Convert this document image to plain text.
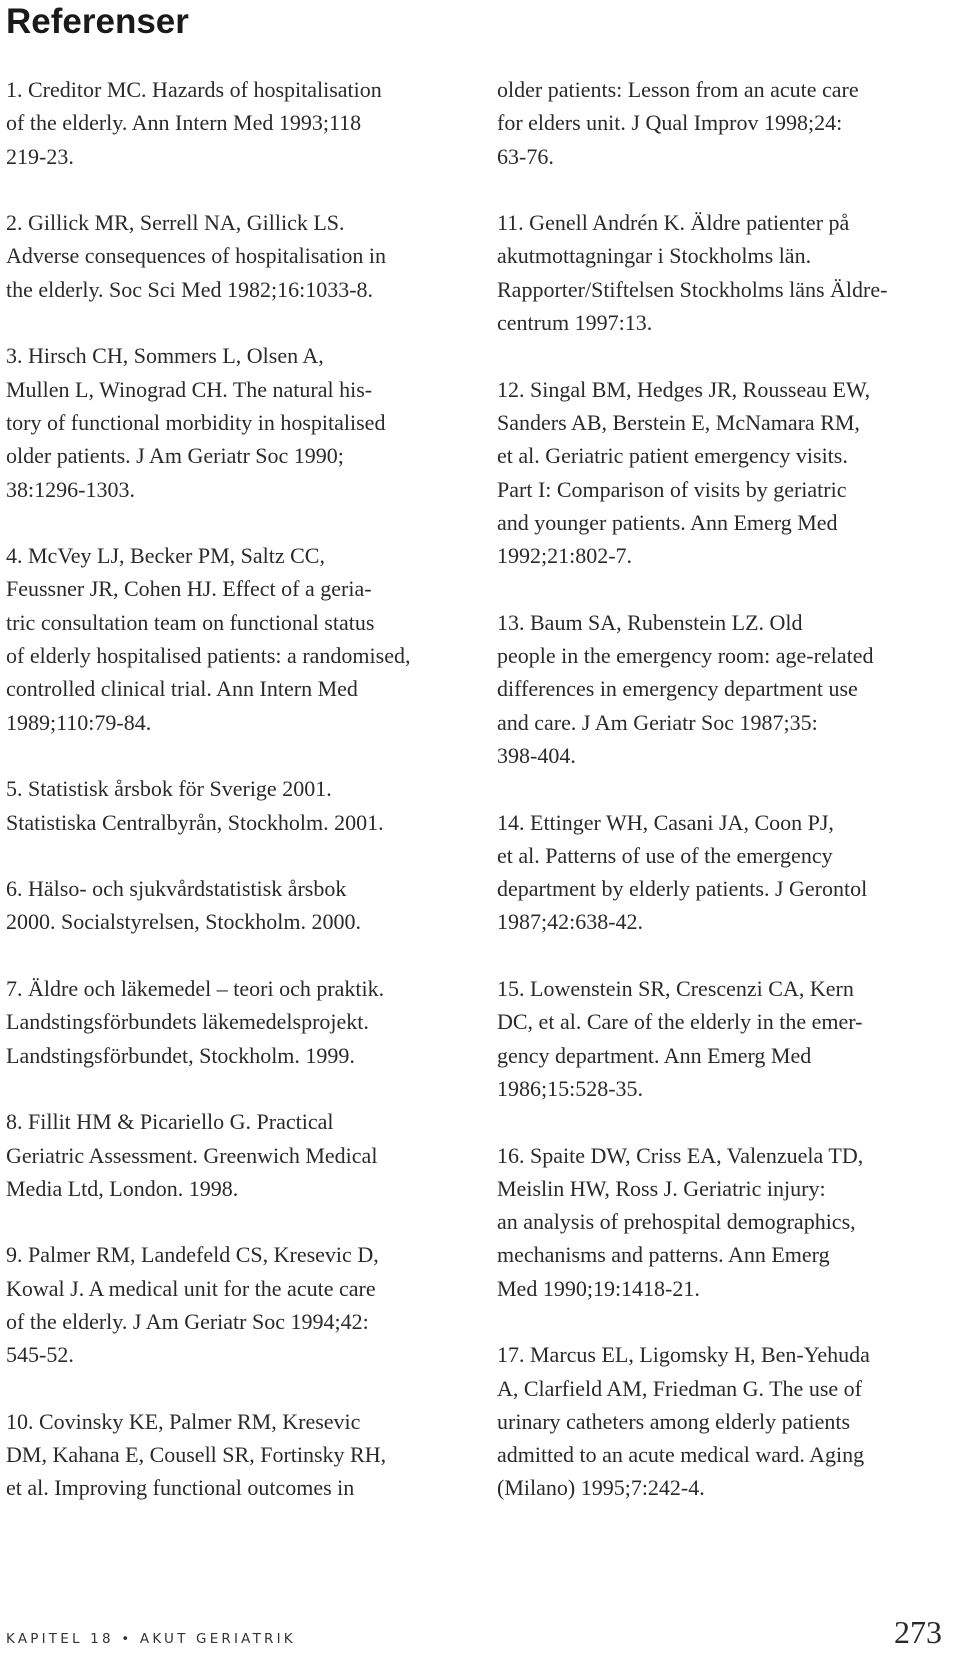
Referenser
1. Creditor MC. Hazards of hospitalisation
of the elderly. Ann Intern Med 1993;118
219-23.
2. Gillick MR, Serrell NA, Gillick LS.
Adverse consequences of hospitalisation in
the elderly. Soc Sci Med 1982;16:1033-8.
3. Hirsch CH, Sommers L, Olsen A,
Mullen L, Winograd CH. The natural his-
tory of functional morbidity in hospitalised
older patients. J Am Geriatr Soc 1990;
38:1296-1303.
4. McVey LJ, Becker PM, Saltz CC,
Feussner JR, Cohen HJ. Effect of a geria-
tric consultation team on functional status
of elderly hospitalised patients: a randomised,
controlled clinical trial. Ann Intern Med
1989;110:79-84.
5. Statistisk årsbok för Sverige 2001.
Statistiska Centralbyrån, Stockholm. 2001.
6. Hälso- och sjukvårdstatistisk årsbok
2000. Socialstyrelsen, Stockholm. 2000.
7. Äldre och läkemedel – teori och praktik.
Landstingsförbundets läkemedelsprojekt.
Landstingsförbundet, Stockholm. 1999.
8. Fillit HM & Picariello G. Practical
Geriatric Assessment. Greenwich Medical
Media Ltd, London. 1998.
9. Palmer RM, Landefeld CS, Kresevic D,
Kowal J. A medical unit for the acute care
of the elderly. J Am Geriatr Soc 1994;42:
545-52.
10. Covinsky KE, Palmer RM, Kresevic
DM, Kahana E, Cousell SR, Fortinsky RH,
et al. Improving functional outcomes in
older patients: Lesson from an acute care
for elders unit. J Qual Improv 1998;24:
63-76.
11. Genell Andrén K. Äldre patienter på
akutmottagningar i Stockholms län.
Rapporter/Stiftelsen Stockholms läns Äldre-
centrum 1997:13.
12. Singal BM, Hedges JR, Rousseau EW,
Sanders AB, Berstein E, McNamara RM,
et al. Geriatric patient emergency visits.
Part I: Comparison of visits by geriatric
and younger patients. Ann Emerg Med
1992;21:802-7.
13. Baum SA, Rubenstein LZ. Old
people in the emergency room: age-related
differences in emergency department use
and care. J Am Geriatr Soc 1987;35:
398-404.
14. Ettinger WH, Casani JA, Coon PJ,
et al. Patterns of use of the emergency
department by elderly patients. J Gerontol
1987;42:638-42.
15. Lowenstein SR, Crescenzi CA, Kern
DC, et al. Care of the elderly in the emer-
gency department. Ann Emerg Med
1986;15:528-35.
16. Spaite DW, Criss EA, Valenzuela TD,
Meislin HW, Ross J. Geriatric injury:
an analysis of prehospital demographics,
mechanisms and patterns. Ann Emerg
Med 1990;19:1418-21.
17. Marcus EL, Ligomsky H, Ben-Yehuda
A, Clarfield AM, Friedman G. The use of
urinary catheters among elderly patients
admitted to an acute medical ward. Aging
(Milano) 1995;7:242-4.
KAPITEL 18 • AKUT GERIATRIK	273
